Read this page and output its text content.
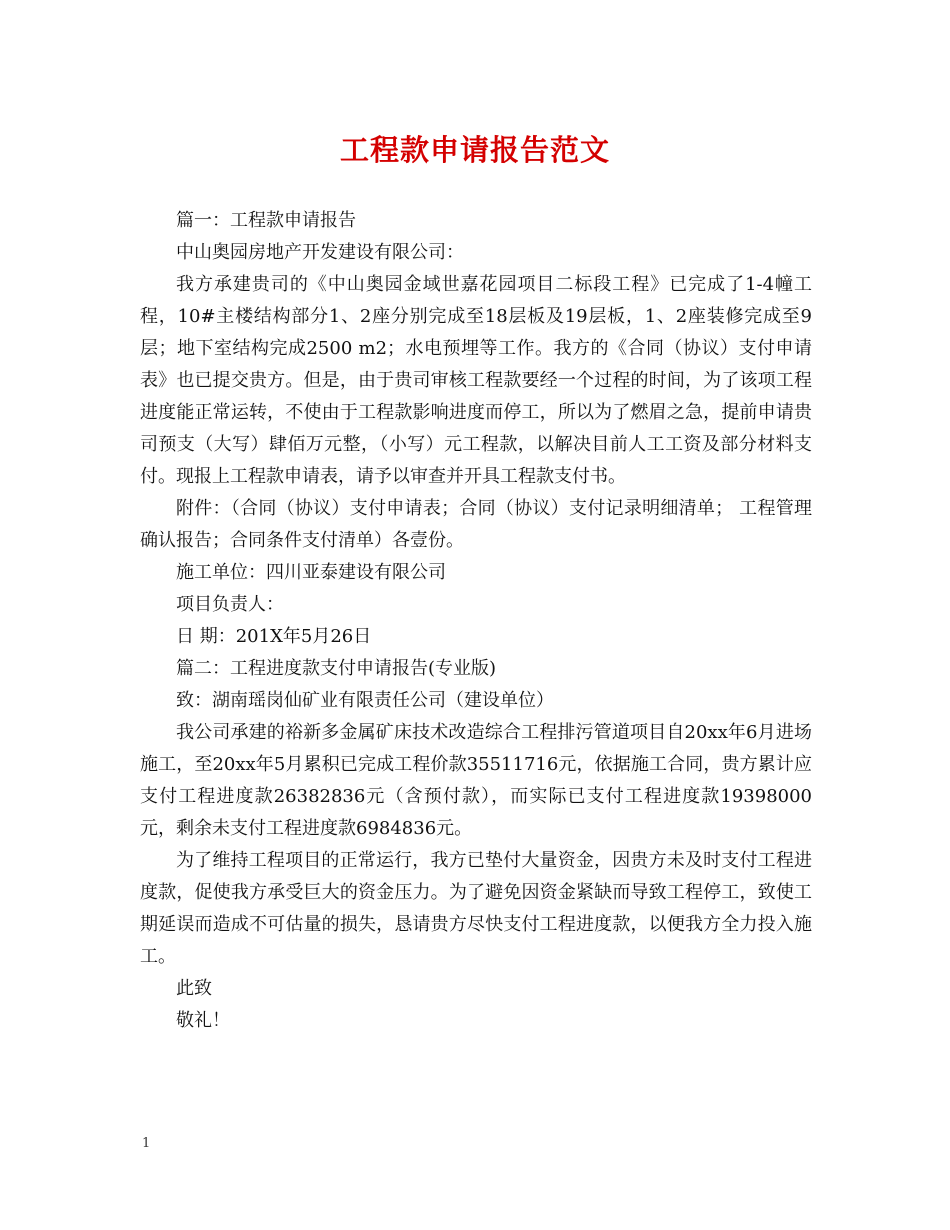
工程款申请报告范文

篇一：工程款申请报告

中山奥园房地产开发建设有限公司：

我方承建贵司的《中山奥园金域世嘉花园项目二标段工程》已完成了1-4幢工程，10#主楼结构部分1、2座分别完成至18层板及19层板，1、2座装修完成至9层；地下室结构完成2500 m2；水电预埋等工作。我方的《合同（协议）支付申请表》也已提交贵方。但是，由于贵司审核工程款要经一个过程的时间，为了该项工程进度能正常运转，不使由于工程款影响进度而停工，所以为了燃眉之急，提前申请贵司预支（大写）肆佰万元整，（小写）元工程款，以解决目前人工工资及部分材料支付。现报上工程款申请表，请予以审查并开具工程款支付书。

附件：（合同（协议）支付申请表；合同（协议）支付记录明细清单； 工程管理确认报告；合同条件支付清单）各壹份。

施工单位：四川亚泰建设有限公司

项目负责人：

日 期：201X年5月26日

篇二：工程进度款支付申请报告(专业版)

致：湖南瑶岗仙矿业有限责任公司（建设单位）

我公司承建的裕新多金属矿床技术改造综合工程排污管道项目自20xx年6月进场施工，至20xx年5月累积已完成工程价款35511716元，依据施工合同，贵方累计应支付工程进度款26382836元（含预付款），而实际已支付工程进度款19398000元，剩余未支付工程进度款6984836元。

为了维持工程项目的正常运行，我方已垫付大量资金，因贵方未及时支付工程进度款，促使我方承受巨大的资金压力。为了避免因资金紧缺而导致工程停工，致使工期延误而造成不可估量的损失，恳请贵方尽快支付工程进度款，以便我方全力投入施工。

此致

敬礼！

1
